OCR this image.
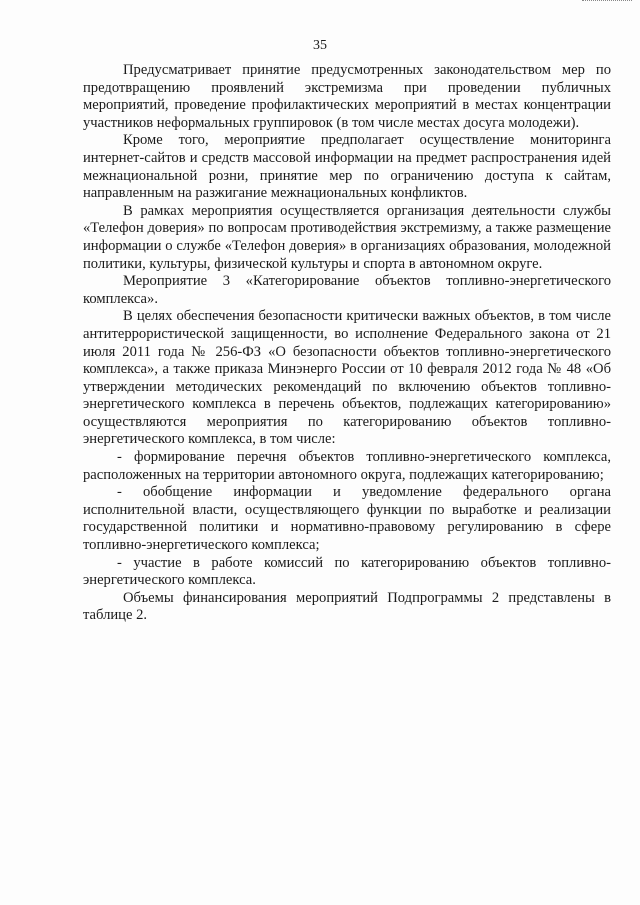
35

Предусматривает принятие предусмотренных законодательством мер по предотвращению проявлений экстремизма при проведении публичных мероприятий, проведение профилактических мероприятий в местах концентрации участников неформальных группировок (в том числе местах досуга молодежи).

Кроме того, мероприятие предполагает осуществление мониторинга интернет-сайтов и средств массовой информации на предмет распространения идей межнациональной розни, принятие мер по ограничению доступа к сайтам, направленным на разжигание межнациональных конфликтов.

В рамках мероприятия осуществляется организация деятельности службы «Телефон доверия» по вопросам противодействия экстремизму, а также размещение информации о службе «Телефон доверия» в организациях образования, молодежной политики, культуры, физической культуры и спорта в автономном округе.

Мероприятие 3 «Категорирование объектов топливно-энергетического комплекса».

В целях обеспечения безопасности критически важных объектов, в том числе антитеррористической защищенности, во исполнение Федерального закона от 21 июля 2011 года № 256-ФЗ «О безопасности объектов топливно-энергетического комплекса», а также приказа Минэнерго России от 10 февраля 2012 года № 48 «Об утверждении методических рекомендаций по включению объектов топливно-энергетического комплекса в перечень объектов, подлежащих категорированию» осуществляются мероприятия по категорированию объектов топливно-энергетического комплекса, в том числе:

- формирование перечня объектов топливно-энергетического комплекса, расположенных на территории автономного округа, подлежащих категорированию;

- обобщение информации и уведомление федерального органа исполнительной власти, осуществляющего функции по выработке и реализации государственной политики и нормативно-правовому регулированию в сфере топливно-энергетического комплекса;

- участие в работе комиссий по категорированию объектов топливно-энергетического комплекса.

Объемы финансирования мероприятий Подпрограммы 2 представлены в таблице 2.
